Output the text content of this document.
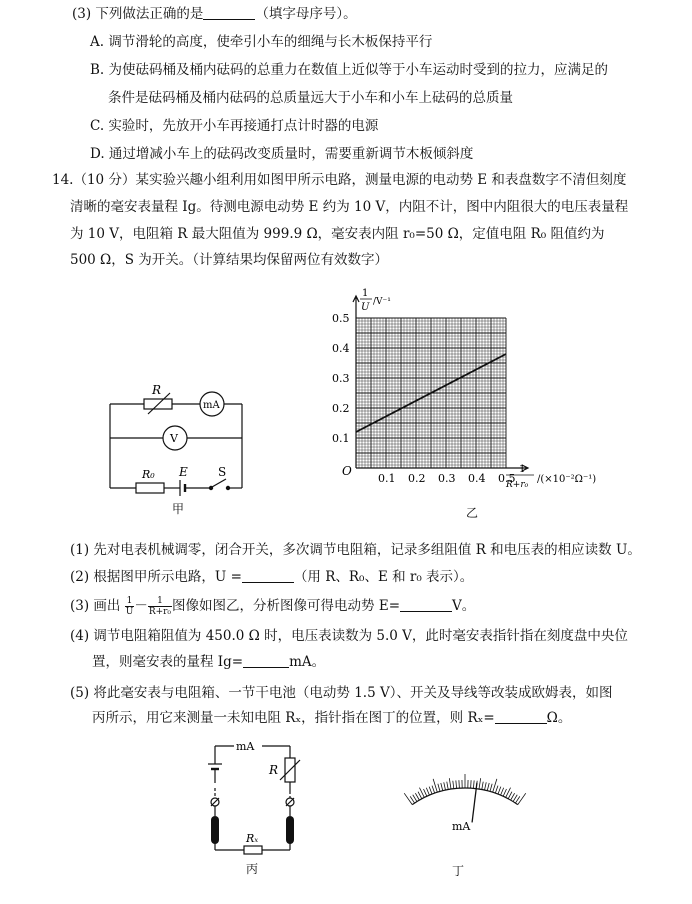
(3) 下列做法正确的是	（填字母序号）。
A. 调节滑轮的高度，使牵引小车的细绳与长木板保持平行
B. 为使砝码桶及桶内砝码的总重力在数值上近似等于小车运动时受到的拉力，应满足的
条件是砝码桶及桶内砝码的总质量远大于小车和小车上砝码的总质量
C. 实验时，先放开小车再接通打点计时器的电源
D. 通过增减小车上的砝码改变质量时，需要重新调节木板倾斜度
14.（10 分）某实验兴趣小组利用如图甲所示电路，测量电源的电动势 E 和表盘数字不清但刻度
清晰的毫安表量程 Ig。待测电源电动势 E 约为 10 V，内阻不计，图中内阻很大的电压表量程
为 10 V，电阻箱 R 最大阻值为 999.9 Ω，毫安表内阻 r₀=50 Ω，定值电阻 R₀ 阻值约为
500 Ω，S 为开关。（计算结果均保留两位有效数字）
R
mA
V
R₀ E	S
甲
0.1 0.2 0.3 0.4 0.5
0.1
0.2
0.3
0.4
0.5
1
U /V⁻¹
1
R+r₀ /(×10⁻²Ω⁻¹)
O
乙
(1) 先对电表机械调零，闭合开关，多次调节电阻箱，记录多组阻值 R 和电压表的相应读数 U。
(2) 根据图甲所示电路，U =	（用 R、R₀、E 和 r₀ 表示）。
(3) 画出 $\frac{1}{U} - \frac{1}{\text{R+r₀}}$ 图像如图乙，分析图像可得电动势 E=	V。
(4) 调节电阻箱阻值为 450.0 Ω 时，电压表读数为 5.0 V，此时毫安表指针指在刻度盘中央位
置，则毫安表的量程 Ig=	mA。
(5) 将此毫安表与电阻箱、一节干电池（电动势 1.5 V）、开关及导线等改装成欧姆表，如图
丙所示，用它来测量一未知电阻 Rₓ，指针指在图丁的位置，则 Rₓ=	Ω。
mA
R
Rₓ
丙
mA
丁
